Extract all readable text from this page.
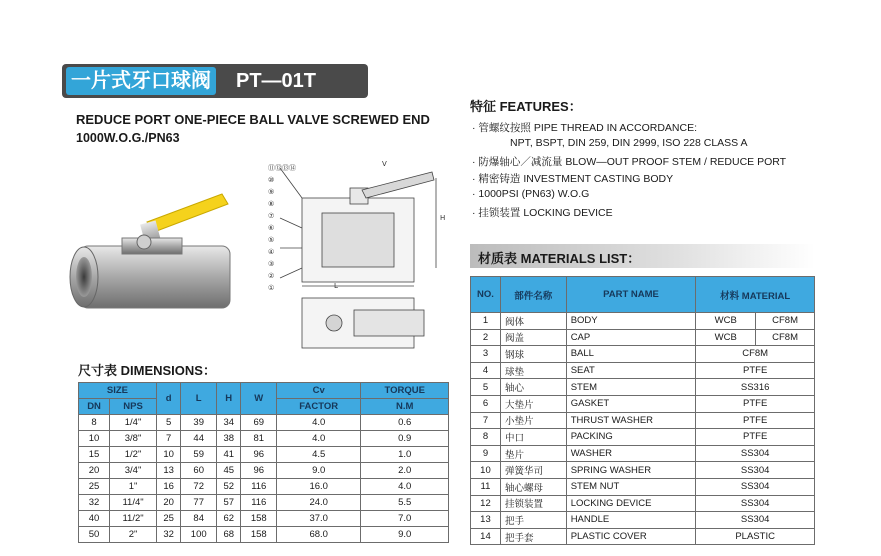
一片式牙口球阀 PT—01T
REDUCE PORT ONE-PIECE BALL VALVE SCREWED END
1000W.O.G./PN63
⑪⑫⑬⑭
⑩
⑨
⑧
⑦
⑥
⑤
④
③
②
①
V
H
L
尺寸表 DIMENSIONS：
SIZE		d	L	H	W	Cv	TORQUE
DN	NPS					FACTOR	N.M
8	1/4"	5	39	34	69	4.0	0.6
10	3/8"	7	44	38	81	4.0	0.9
15	1/2"	10	59	41	96	4.5	1.0
20	3/4"	13	60	45	96	9.0	2.0
25	1"	16	72	52	116	16.0	4.0
32	11/4"	20	77	57	116	24.0	5.5
40	11/2"	25	84	62	158	37.0	7.0
50	2"	32	100	68	158	68.0	9.0
特征 FEATURES：
· 管螺纹按照 PIPE THREAD IN ACCORDANCE:
NPT, BSPT, DIN 259, DIN 2999, ISO 228 CLASS A
· 防爆轴心／减流量 BLOW—OUT PROOF STEM / REDUCE PORT
· 精密铸造 INVESTMENT CASTING BODY
· 1000PSI (PN63) W.O.G
· 挂锁装置 LOCKING DEVICE
材质表 MATERIALS LIST：
NO.	部件名称	PART NAME	材料 MATERIAL	
1	阀体	BODY	WCB	CF8M
2	阀盖	CAP	WCB	CF8M
3	钢球	BALL	CF8M	
4	球垫	SEAT	PTFE	
5	轴心	STEM	SS316	
6	大垫片	GASKET	PTFE	
7	小垫片	THRUST WASHER	PTFE	
8	中口	PACKING	PTFE	
9	垫片	WASHER	SS304	
10	弹簧华司	SPRING WASHER	SS304	
11	轴心螺母	STEM NUT	SS304	
12	挂锁装置	LOCKING DEVICE	SS304	
13	把手	HANDLE	SS304	
14	把手套	PLASTIC COVER	PLASTIC	
